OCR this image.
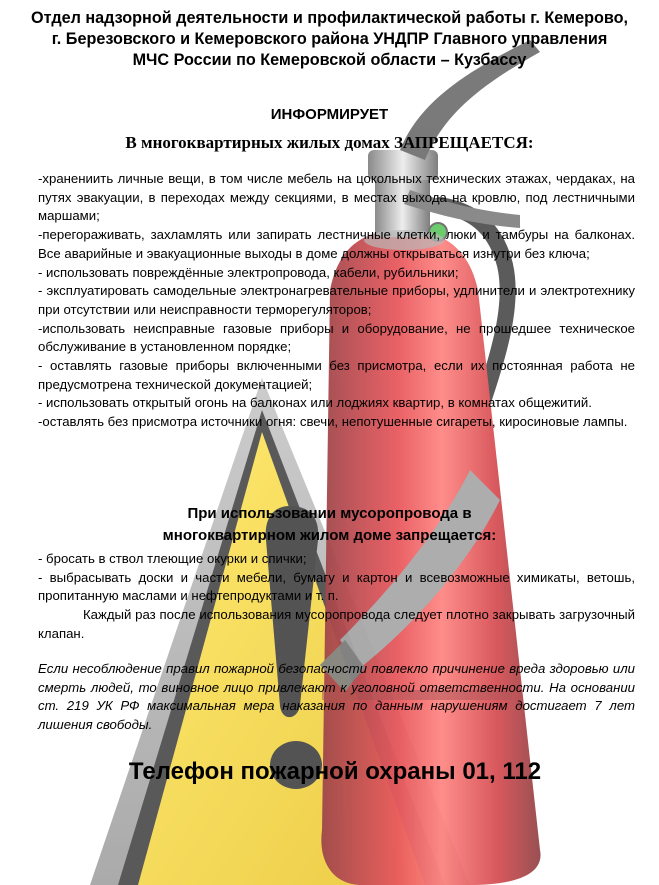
Отдел надзорной деятельности и профилактической работы г. Кемерово,
г. Березовского и Кемеровского района УНДПР Главного управления
МЧС России по Кемеровской области – Кузбассу
ИНФОРМИРУЕТ
В многоквартирных жилых домах ЗАПРЕЩАЕТСЯ:

-хранениить личные вещи, в том числе мебель на цокольных технических этажах, чердаках, на путях эвакуации, в переходах между секциями, в местах выхода на кровлю, под лестничными маршами;

-перегораживать, захламлять или запирать лестничные клетки, люки и тамбуры на балконах. Все аварийные и эвакуационные выходы в доме должны открываться изнутри без ключа;

- использовать повреждённые электропровода, кабели, рубильники;

- эксплуатировать самодельные электронагревательные приборы, удлинители и электротехнику при отсутствии или неисправности терморегуляторов;

-использовать неисправные газовые приборы и оборудование, не прошедшее техническое обслуживание в установленном порядке;

- оставлять газовые приборы включенными без присмотра, если их постоянная работа не предусмотрена технической документацией;

- использовать открытый огонь на балконах или лоджиях квартир, в комнатах общежитий.

-оставлять без присмотра источники огня: свечи, непотушенные сигареты, киросиновые лампы.

При использовании мусоропровода в
многоквартирном жилом доме запрещается:

- бросать в ствол тлеющие окурки и спички;

- выбрасывать доски и части мебели, бумагу и картон и всевозможные химикаты, ветошь, пропитанную маслами и нефтепродуктами и т. п.

Каждый раз после использования мусоропровода следует плотно закрывать загрузочный клапан.

Если несоблюдение правил пожарной безопасности повлекло причинение вреда здоровью или смерть людей, то виновное лицо привлекают к уголовной ответственности. На основании ст. 219 УК РФ максимальная мера наказания по данным нарушениям достигает 7 лет лишения свободы.
Телефон пожарной охраны 01, 112
